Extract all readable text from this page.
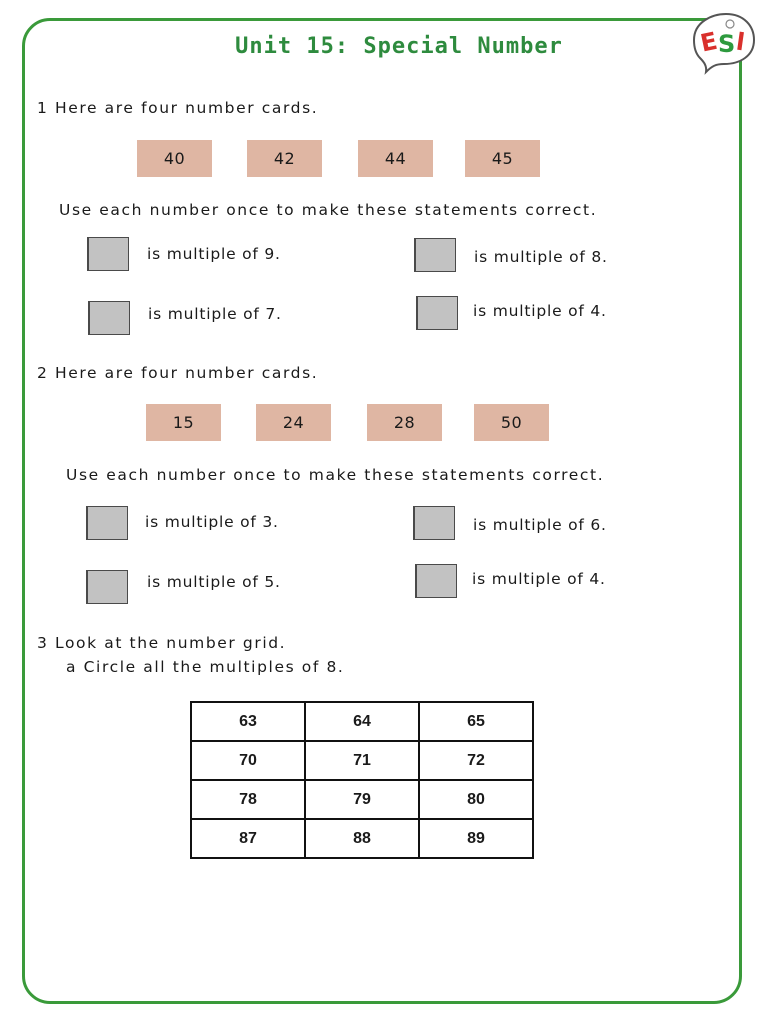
E
S l
Unit 15: Special Number
1 Here are four number cards.
40	42	44	45
Use each number once to make these statements correct.
is multiple of 9.	is multiple of 8.
is multiple of 7.	is multiple of 4.
2 Here are four number cards.
15	24	28	50
Use each number once to make these statements correct.
is multiple of 3.	is multiple of 6.
is multiple of 5.	is multiple of 4.
3 Look at the number grid.
a Circle all the multiples of 8.
63	64	65
70	71	72
78	79	80
87	88	89
